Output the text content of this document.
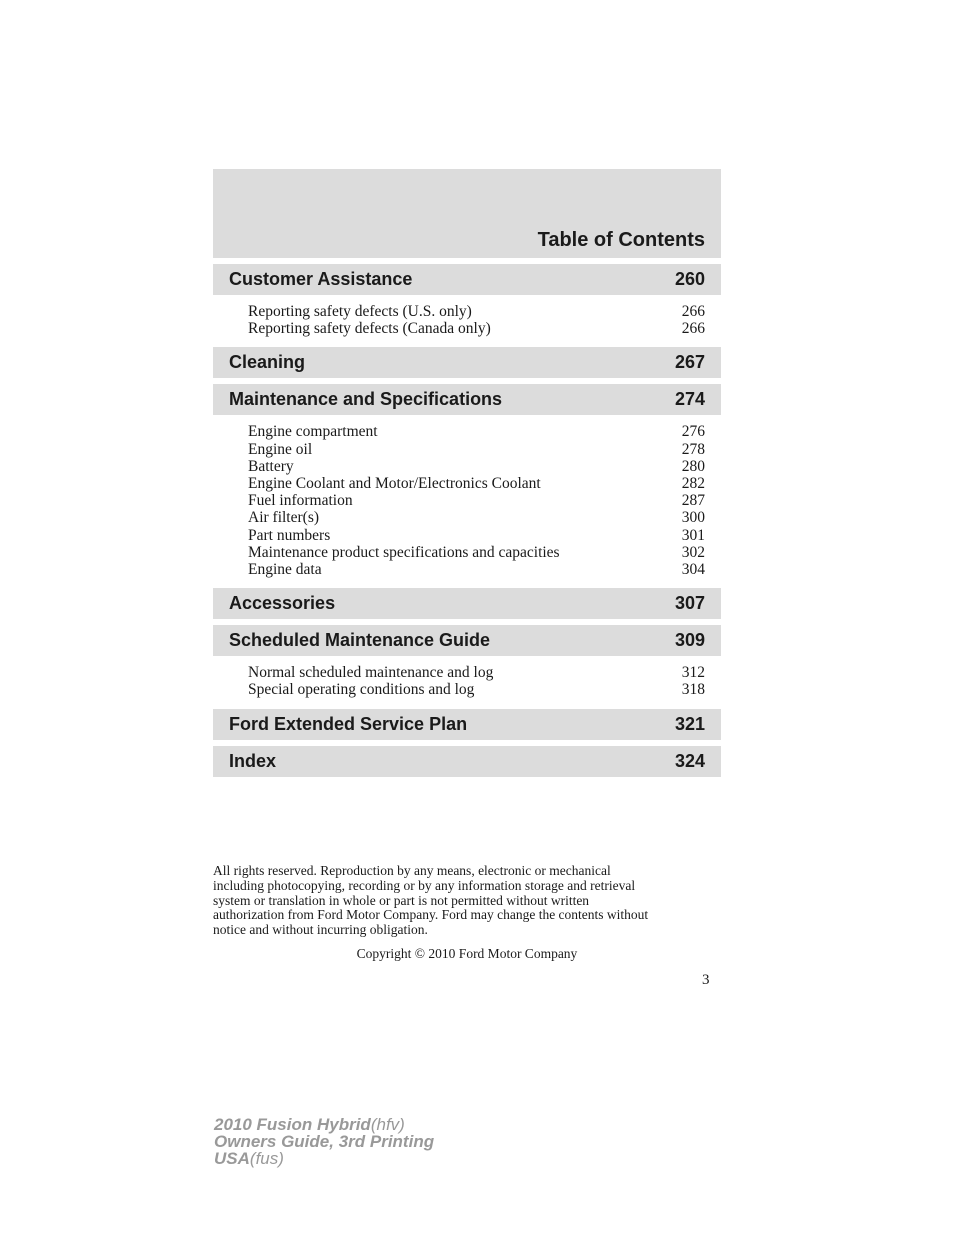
Table of Contents
Customer Assistance	260
Reporting safety defects (U.S. only)	266
Reporting safety defects (Canada only)	266
Cleaning	267
Maintenance and Specifications	274
Engine compartment	276
Engine oil	278
Battery	280
Engine Coolant and Motor/Electronics Coolant	282
Fuel information	287
Air filter(s)	300
Part numbers	301
Maintenance product specifications and capacities	302
Engine data	304
Accessories	307
Scheduled Maintenance Guide	309
Normal scheduled maintenance and log	312
Special operating conditions and log	318
Ford Extended Service Plan	321
Index	324
All rights reserved. Reproduction by any means, electronic or mechanical
including photocopying, recording or by any information storage and retrieval
system or translation in whole or part is not permitted without written
authorization from Ford Motor Company. Ford may change the contents without
notice and without incurring obligation.
Copyright © 2010 Ford Motor Company
3
2010 Fusion Hybrid(hfv)
Owners Guide, 3rd Printing
USA(fus)
